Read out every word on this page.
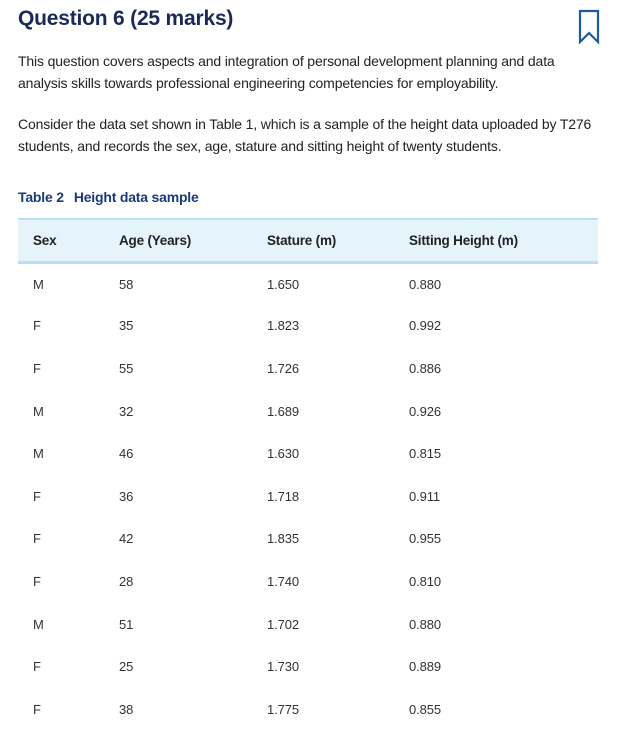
Question 6 (25 marks)
This question covers aspects and integration of personal development planning and data analysis skills towards professional engineering competencies for employability.
Consider the data set shown in Table 1, which is a sample of the height data uploaded by T276 students, and records the sex, age, stature and sitting height of twenty students.
Table 2 Height data sample
Sex	Age (Years)	Stature (m)	Sitting Height (m)
M	58	1.650	0.880
F	35	1.823	0.992
F	55	1.726	0.886
M	32	1.689	0.926
M	46	1.630	0.815
F	36	1.718	0.911
F	42	1.835	0.955
F	28	1.740	0.810
M	51	1.702	0.880
F	25	1.730	0.889
F	38	1.775	0.855
